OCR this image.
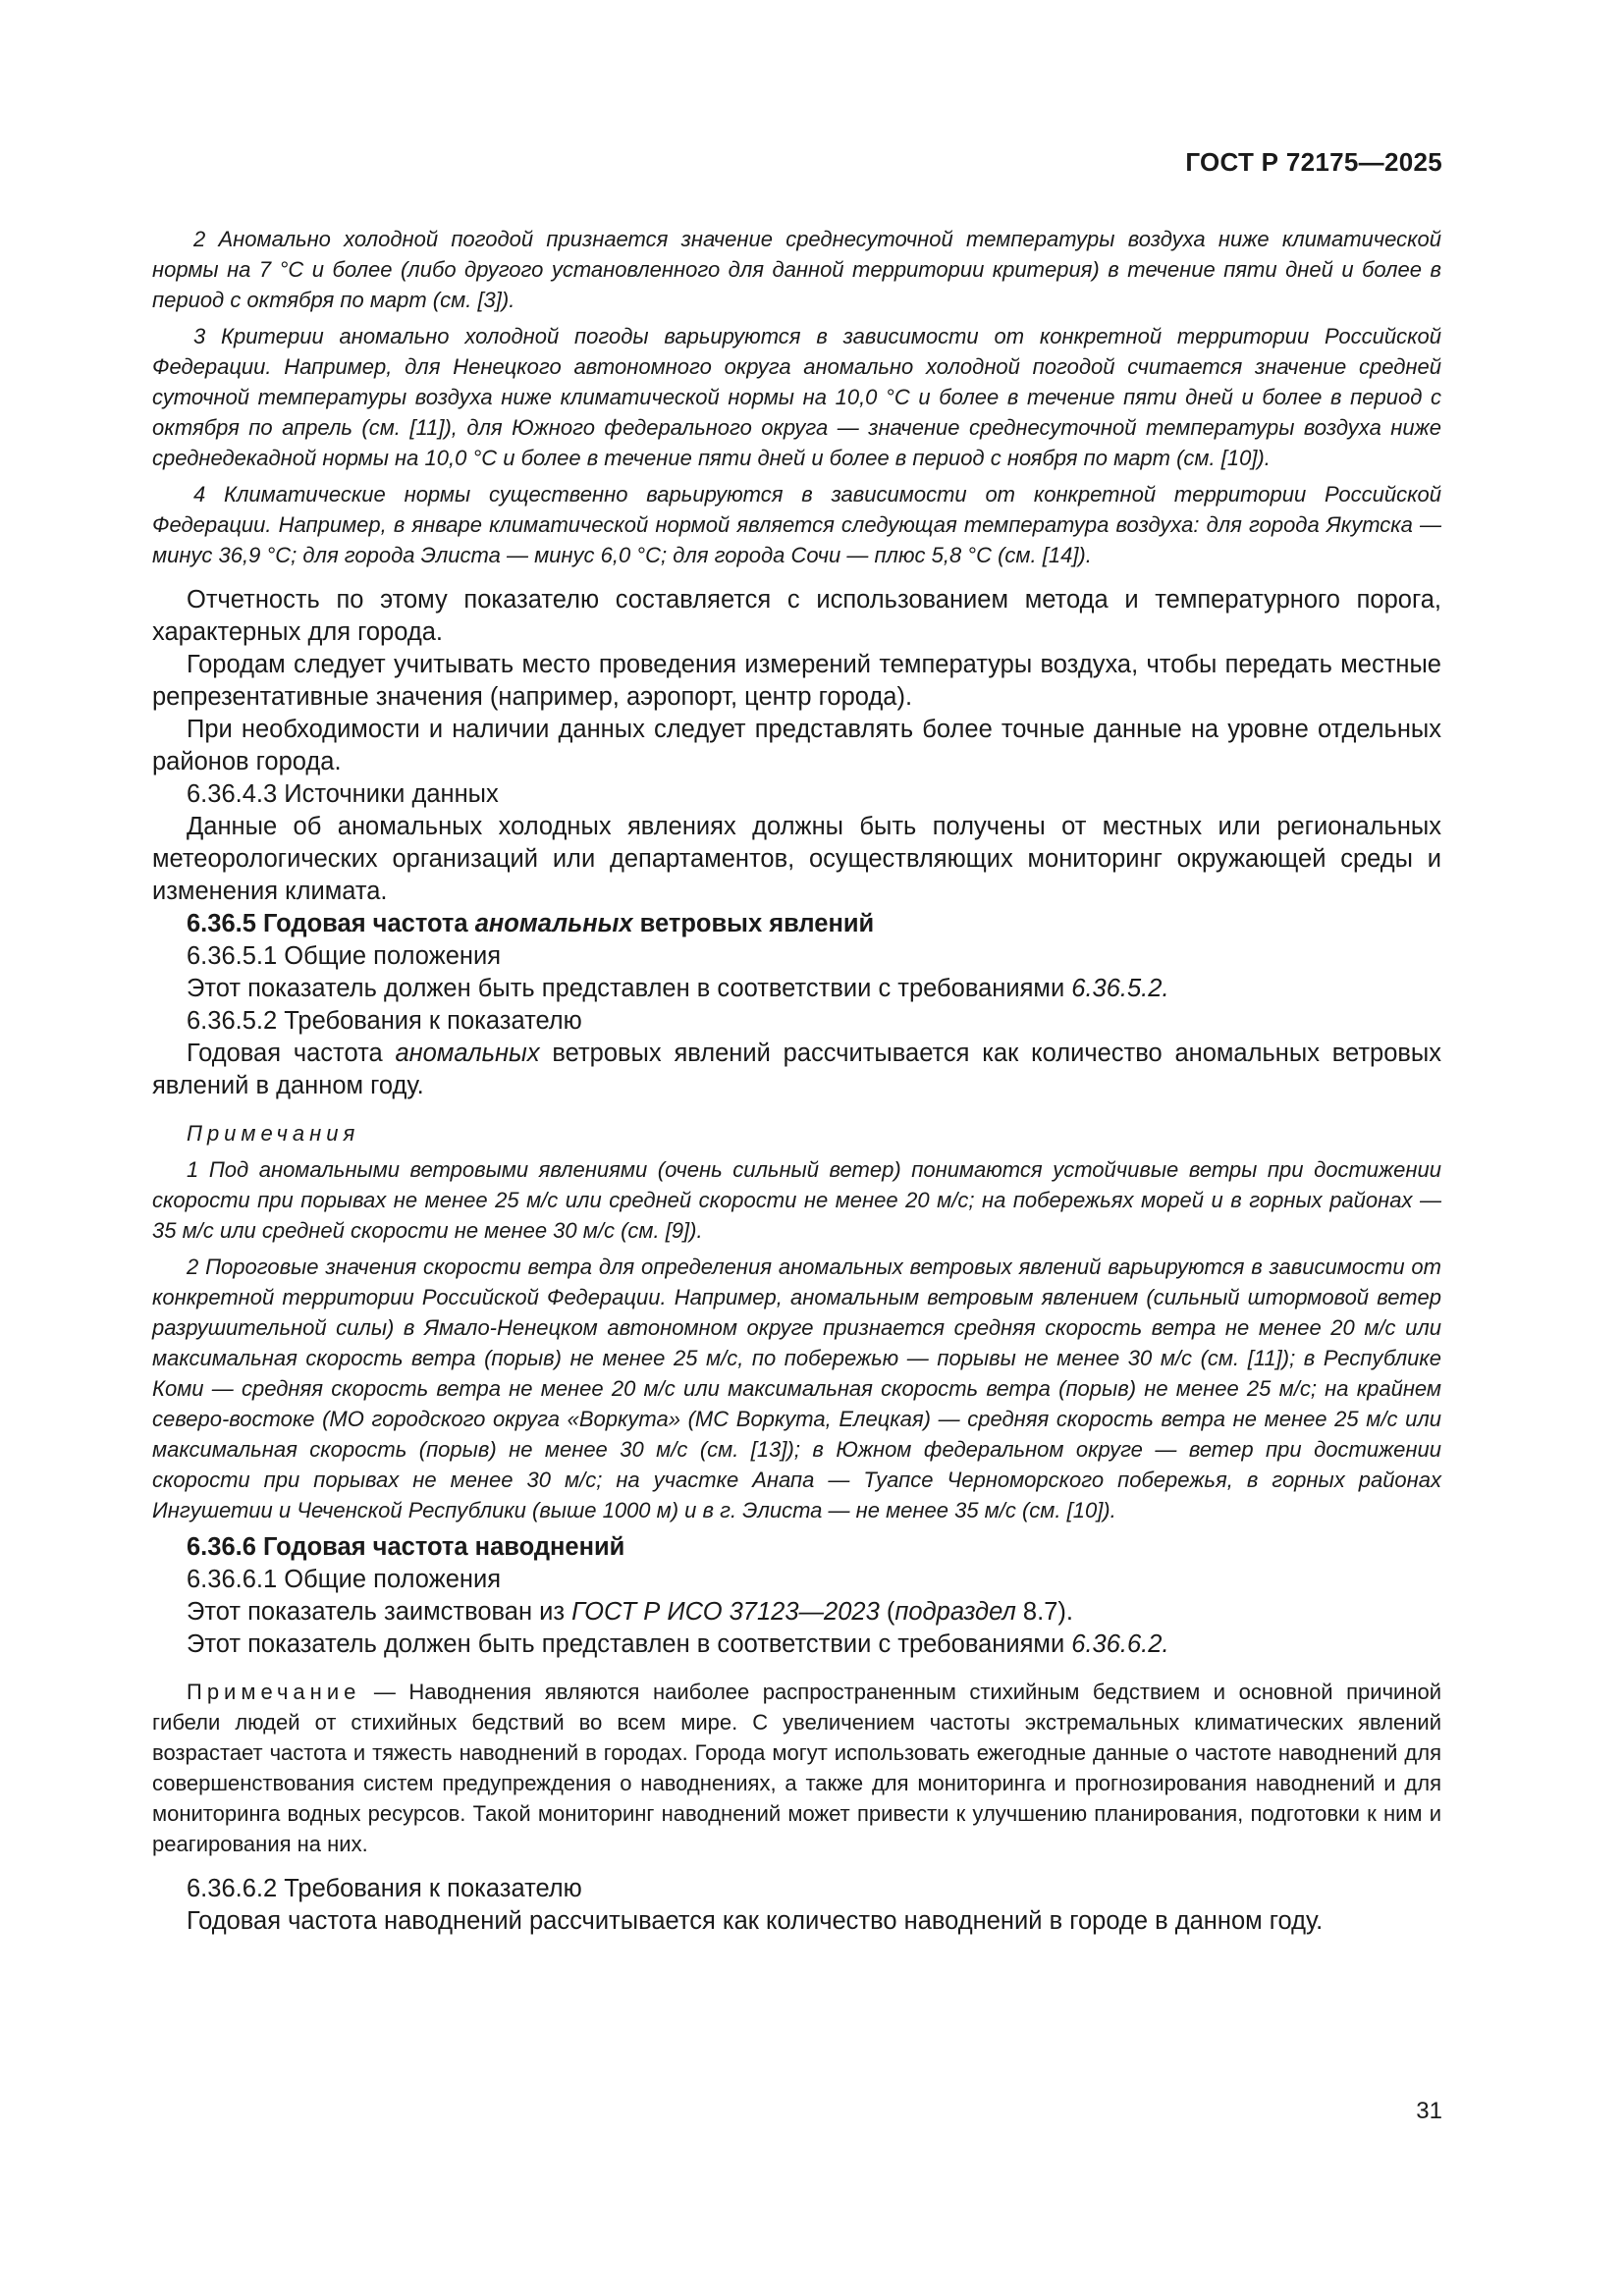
ГОСТ Р 72175—2025

2 Аномально холодной погодой признается значение среднесуточной температуры воздуха ниже климатической нормы на 7 °С и более (либо другого установленного для данной территории критерия) в течение пяти дней и более в период с октября по март (см. [3]).

3 Критерии аномально холодной погоды варьируются в зависимости от конкретной территории Российской Федерации. Например, для Ненецкого автономного округа аномально холодной погодой считается значение средней суточной температуры воздуха ниже климатической нормы на 10,0 °С и более в течение пяти дней и более в период с октября по апрель (см. [11]), для Южного федерального округа — значение среднесуточной температуры воздуха ниже среднедекадной нормы на 10,0 °С и более в течение пяти дней и более в период с ноября по март (см. [10]).

4 Климатические нормы существенно варьируются в зависимости от конкретной территории Российской Федерации. Например, в январе климатической нормой является следующая температура воздуха: для города Якутска — минус 36,9 °С; для города Элиста — минус 6,0 °С; для города Сочи — плюс 5,8 °С (см. [14]).

Отчетность по этому показателю составляется с использованием метода и температурного порога, характерных для города.

Городам следует учитывать место проведения измерений температуры воздуха, чтобы передать местные репрезентативные значения (например, аэропорт, центр города).

При необходимости и наличии данных следует представлять более точные данные на уровне отдельных районов города.

6.36.4.3 Источники данных

Данные об аномальных холодных явлениях должны быть получены от местных или региональных метеорологических организаций или департаментов, осуществляющих мониторинг окружающей среды и изменения климата.

6.36.5 Годовая частота аномальных ветровых явлений

6.36.5.1 Общие положения

Этот показатель должен быть представлен в соответствии с требованиями 6.36.5.2.

6.36.5.2 Требования к показателю

Годовая частота аномальных ветровых явлений рассчитывается как количество аномальных ветровых явлений в данном году.

Примечания

1 Под аномальными ветровыми явлениями (очень сильный ветер) понимаются устойчивые ветры при достижении скорости при порывах не менее 25 м/с или средней скорости не менее 20 м/с; на побережьях морей и в горных районах — 35 м/с или средней скорости не менее 30 м/с (см. [9]).

2 Пороговые значения скорости ветра для определения аномальных ветровых явлений варьируются в зависимости от конкретной территории Российской Федерации. Например, аномальным ветровым явлением (сильный штормовой ветер разрушительной силы) в Ямало-Ненецком автономном округе признается средняя скорость ветра не менее 20 м/с или максимальная скорость ветра (порыв) не менее 25 м/с, по побережью — порывы не менее 30 м/с (см. [11]); в Республике Коми — средняя скорость ветра не менее 20 м/с или максимальная скорость ветра (порыв) не менее 25 м/с; на крайнем северо-востоке (МО городского округа «Воркута» (МС Воркута, Елецкая) — средняя скорость ветра не менее 25 м/с или максимальная скорость (порыв) не менее 30 м/с (см. [13]); в Южном федеральном округе — ветер при достижении скорости при порывах не менее 30 м/с; на участке Анапа — Туапсе Черноморского побережья, в горных районах Ингушетии и Чеченской Республики (выше 1000 м) и в г. Элиста — не менее 35 м/с (см. [10]).

6.36.6 Годовая частота наводнений

6.36.6.1 Общие положения

Этот показатель заимствован из ГОСТ Р ИСО 37123—2023 (подраздел 8.7).

Этот показатель должен быть представлен в соответствии с требованиями 6.36.6.2.

Примечание — Наводнения являются наиболее распространенным стихийным бедствием и основной причиной гибели людей от стихийных бедствий во всем мире. С увеличением частоты экстремальных климатических явлений возрастает частота и тяжесть наводнений в городах. Города могут использовать ежегодные данные о частоте наводнений для совершенствования систем предупреждения о наводнениях, а также для мониторинга и прогнозирования наводнений и для мониторинга водных ресурсов. Такой мониторинг наводнений может привести к улучшению планирования, подготовки к ним и реагирования на них.

6.36.6.2 Требования к показателю

Годовая частота наводнений рассчитывается как количество наводнений в городе в данном году.

31
